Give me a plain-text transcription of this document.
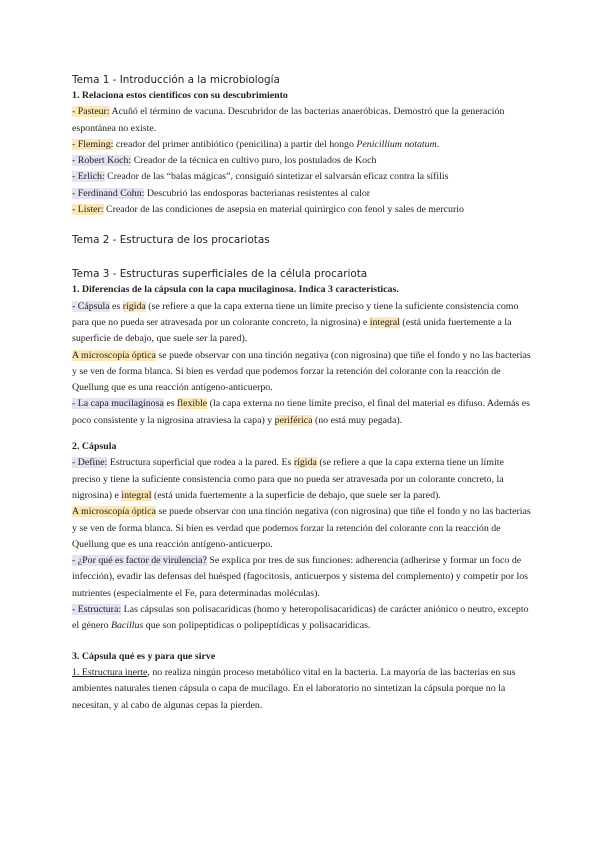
Tema 1 - Introducción a la microbiología

1. Relaciona estos científicos con su descubrimiento

- Pasteur: Acuñó el término de vacuna. Descubridor de las bacterias anaeróbicas. Demostró que la generación espontánea no existe.

- Fleming: creador del primer antibiótico (penicilina) a partir del hongo Penicillium notatum.

- Robert Koch: Creador de la técnica en cultivo puro, los postulados de Koch

- Erlich: Creador de las “balas mágicas”, consiguió sintetizar el salvarsán eficaz contra la sífilis

- Ferdinand Cohn: Descubrió las endosporas bacterianas resistentes al calor

- Lister: Creador de las condiciones de asepsia en material quirúrgico con fenol y sales de mercurio

Tema 2 - Estructura de los procariotas

Tema 3 - Estructuras superficiales de la célula procariota

1. Diferencias de la cápsula con la capa mucilaginosa. Indica 3 características.

- Cápsula es rígida (se refiere a que la capa externa tiene un límite preciso y tiene la suficiente consistencia como para que no pueda ser atravesada por un colorante concreto, la nigrosina) e integral (está unida fuertemente a la superficie de debajo, que suele ser la pared).

A microscopía óptica se puede observar con una tinción negativa (con nigrosina) que tiñe el fondo y no las bacterias y se ven de forma blanca. Si bien es verdad que podemos forzar la retención del colorante con la reacción de Quellung que es una reacción antígeno-anticuerpo.

- La capa mucilaginosa es flexible (la capa externa no tiene límite preciso, el final del material es difuso. Además es poco consistente y la nigrosina atraviesa la capa) y periférica (no está muy pegada).

2. Cápsula

- Define: Estructura superficial que rodea a la pared. Es rígida (se refiere a que la capa externa tiene un límite preciso y tiene la suficiente consistencia como para que no pueda ser atravesada por un colorante concreto, la nigrosina) e integral (está unida fuertemente a la superficie de debajo, que suele ser la pared).

A microscopía óptica se puede observar con una tinción negativa (con nigrosina) que tiñe el fondo y no las bacterias y se ven de forma blanca. Si bien es verdad que podemos forzar la retención del colorante con la reacción de Quellung que es una reacción antígeno-anticuerpo.

- ¿Por qué es factor de virulencia? Se explica por tres de sus funciones: adherencia (adherirse y formar un foco de infección), evadir las defensas del huésped (fagocitosis, anticuerpos y sistema del complemento) y competir por los nutrientes (especialmente el Fe, para determinadas moléculas).

- Estructura: Las cápsulas son polisacarídicas (homo y heteropolisacarídicas) de carácter aniónico o neutro, excepto el género Bacillus que son polipeptídicas o polipeptídicas y polisacarídicas.

3. Cápsula qué es y para que sirve

1. Estructura inerte, no realiza ningún proceso metabólico vital en la bacteria. La mayoría de las bacterias en sus ambientes naturales tienen cápsula o capa de mucílago. En el laboratorio no sintetizan la cápsula porque no la necesitan, y al cabo de algunas cepas la pierden.
